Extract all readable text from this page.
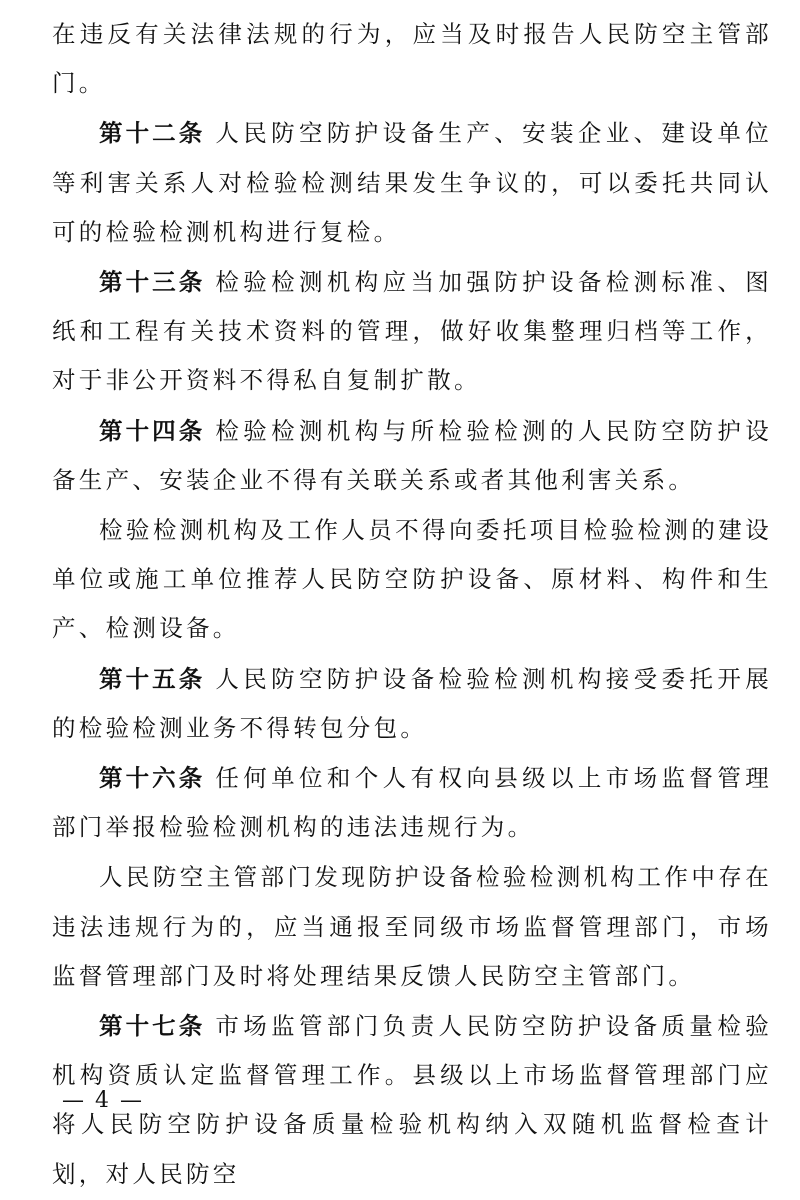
在违反有关法律法规的行为，应当及时报告人民防空主管部门。

第十二条 人民防空防护设备生产、安装企业、建设单位等利害关系人对检验检测结果发生争议的，可以委托共同认可的检验检测机构进行复检。

第十三条 检验检测机构应当加强防护设备检测标准、图纸和工程有关技术资料的管理，做好收集整理归档等工作，对于非公开资料不得私自复制扩散。

第十四条 检验检测机构与所检验检测的人民防空防护设备生产、安装企业不得有关联关系或者其他利害关系。

检验检测机构及工作人员不得向委托项目检验检测的建设单位或施工单位推荐人民防空防护设备、原材料、构件和生产、检测设备。

第十五条 人民防空防护设备检验检测机构接受委托开展的检验检测业务不得转包分包。

第十六条 任何单位和个人有权向县级以上市场监督管理部门举报检验检测机构的违法违规行为。

人民防空主管部门发现防护设备检验检测机构工作中存在违法违规行为的，应当通报至同级市场监督管理部门，市场监督管理部门及时将处理结果反馈人民防空主管部门。

第十七条 市场监管部门负责人民防空防护设备质量检验机构资质认定监督管理工作。县级以上市场监督管理部门应将人民防空防护设备质量检验机构纳入双随机监督检查计划，对人民防空

— 4 —
